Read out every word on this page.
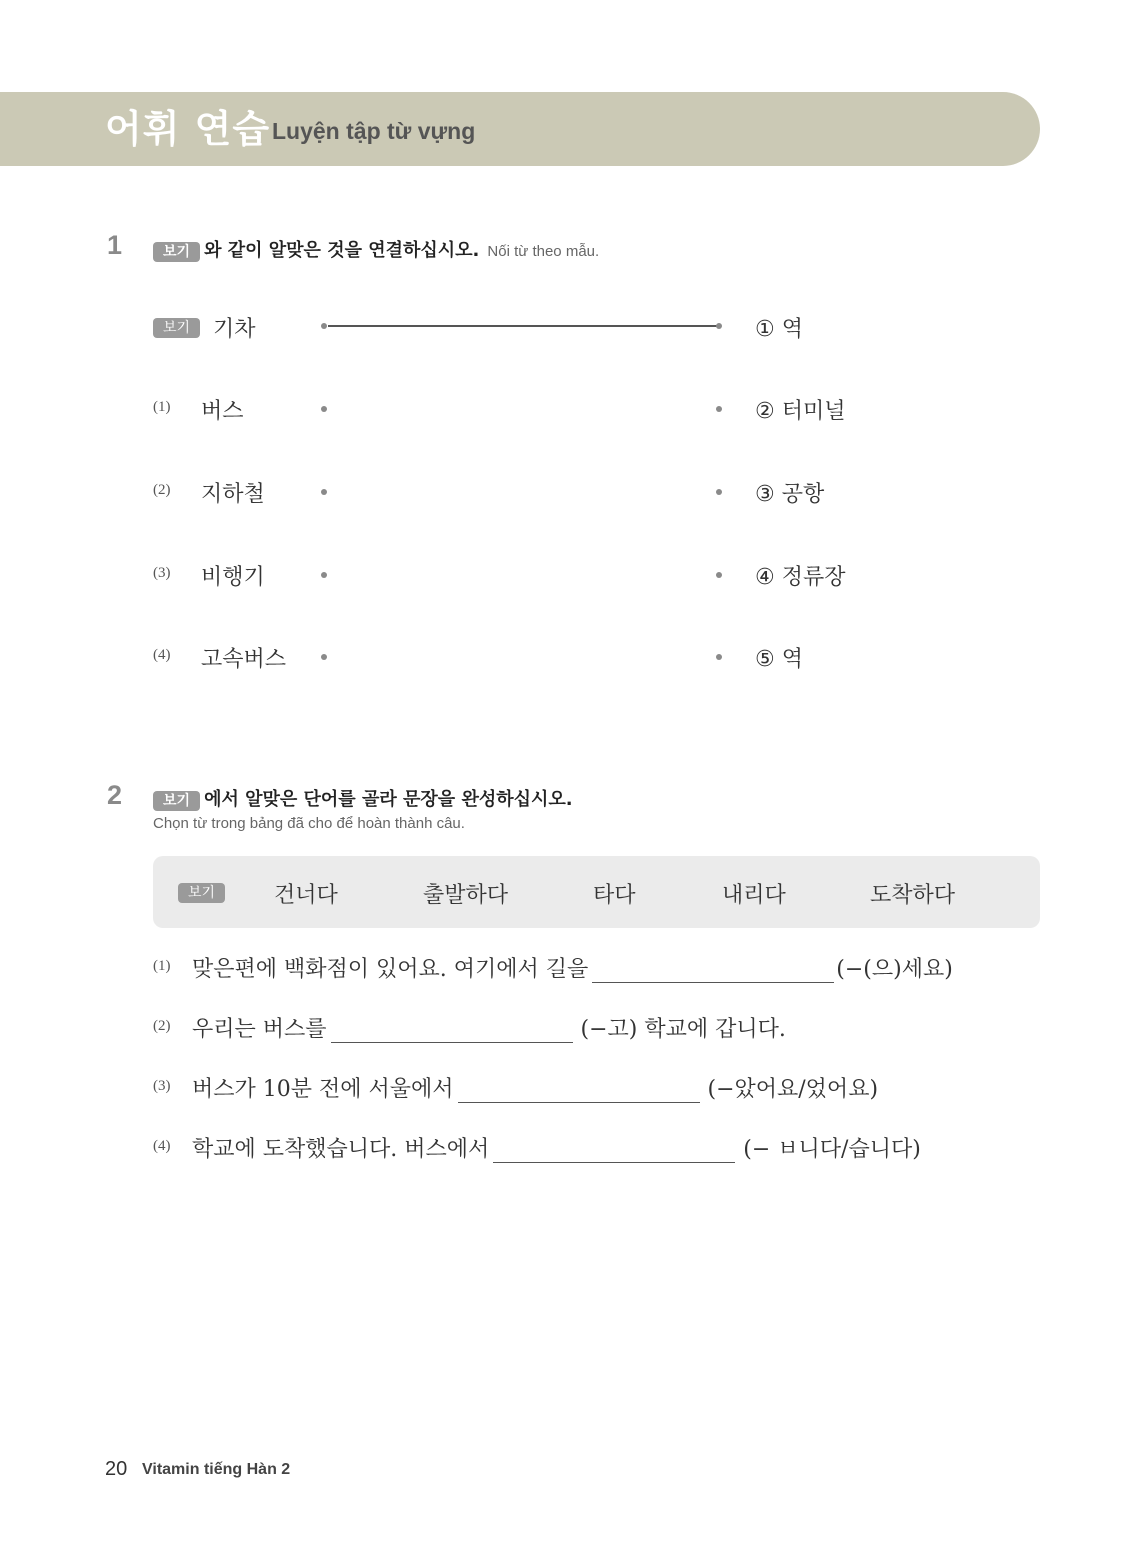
어휘 연습 Luyện tập từ vựng
1	보기 와 같이 알맞은 것을 연결하십시오. Nối từ theo mẫu.
보기	기차	① 역
(1) 버스	② 터미널
(2) 지하철	③ 공항
(3) 비행기	④ 정류장
(4) 고속버스	⑤ 역
2	보기 에서 알맞은 단어를 골라 문장을 완성하십시오.
Chọn từ trong bảng đã cho để hoàn thành câu.
보기	건너다	출발하다	타다	내리다	도착하다
(1) 맞은편에 백화점이 있어요. 여기에서 길을	(−(으)세요)
(2) 우리는 버스를	(−고) 학교에 갑니다.
(3) 버스가 10분 전에 서울에서	(−았어요/었어요)
(4) 학교에 도착했습니다. 버스에서	(− ㅂ니다/습니다)
20 Vitamin tiếng Hàn 2
